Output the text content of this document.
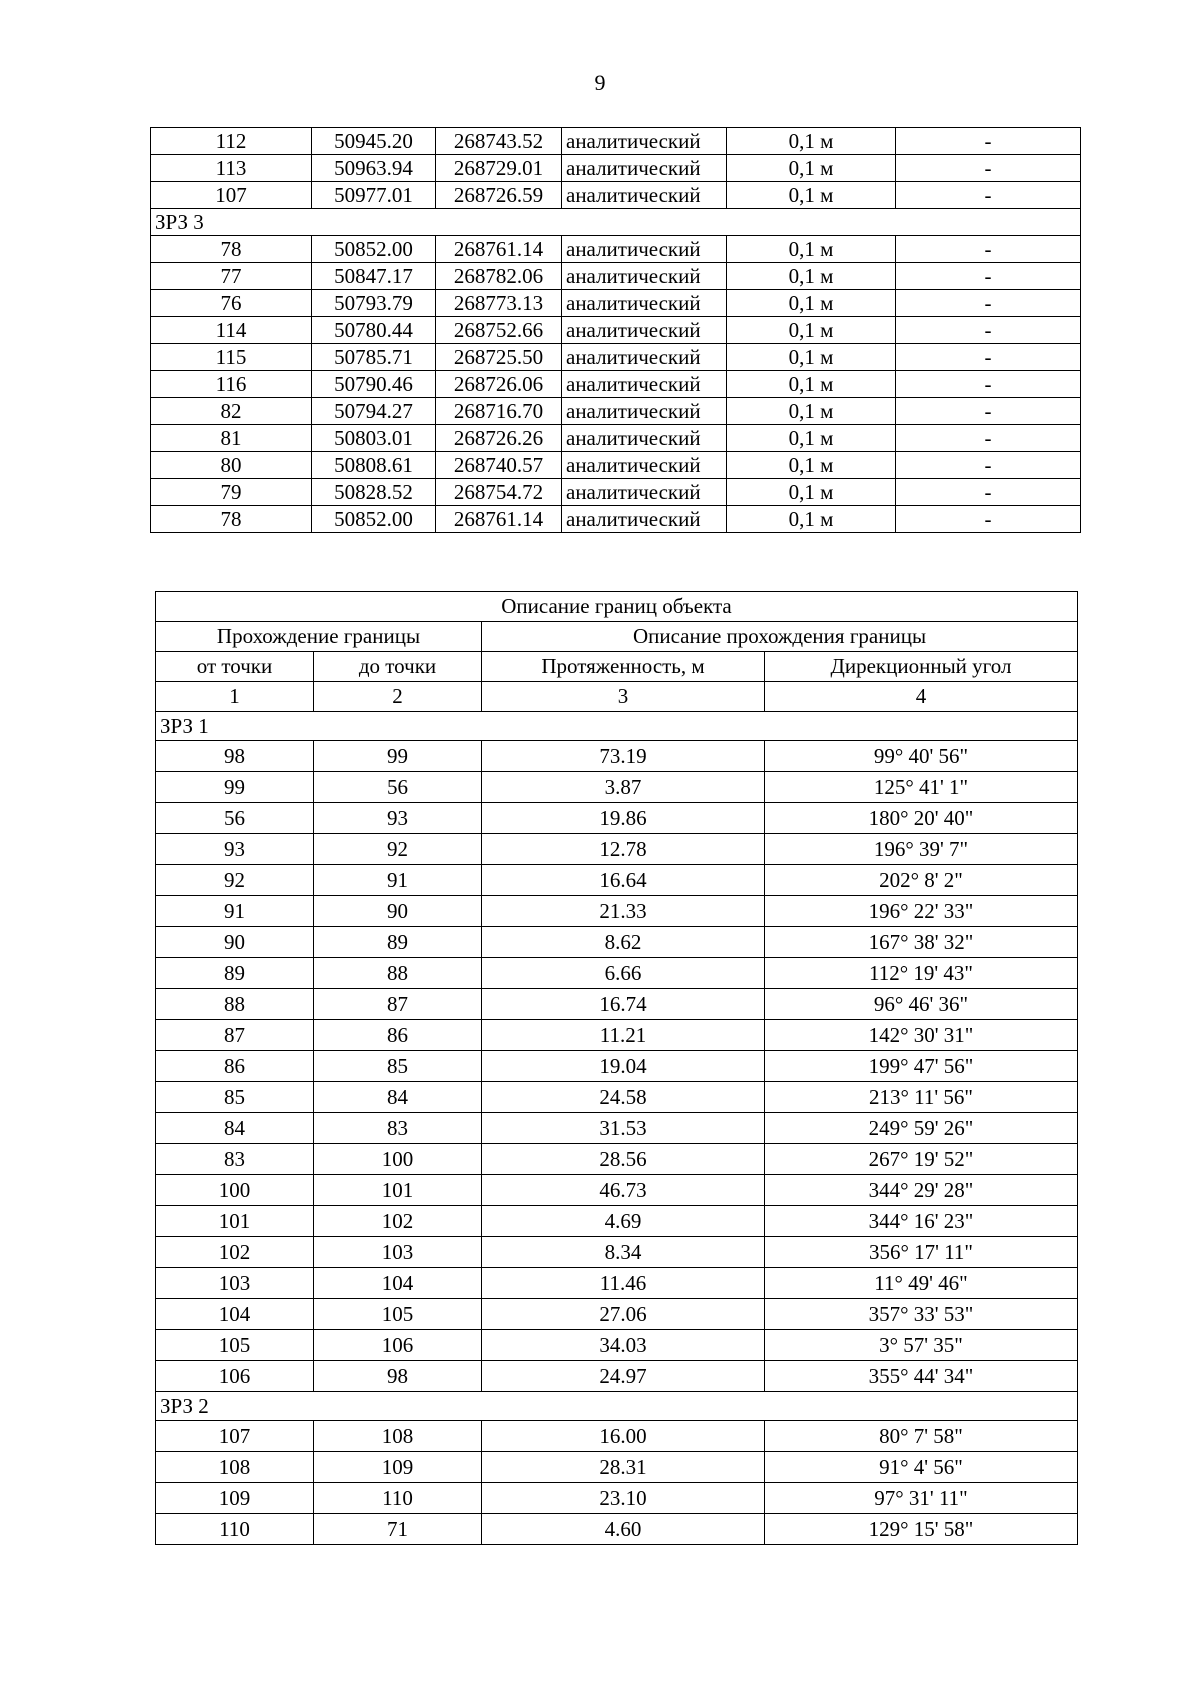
9
112	50945.20	268743.52	аналитический	0,1 м	-
113	50963.94	268729.01	аналитический	0,1 м	-
107	50977.01	268726.59	аналитический	0,1 м	-
ЗРЗ 3					
78	50852.00	268761.14	аналитический	0,1 м	-
77	50847.17	268782.06	аналитический	0,1 м	-
76	50793.79	268773.13	аналитический	0,1 м	-
114	50780.44	268752.66	аналитический	0,1 м	-
115	50785.71	268725.50	аналитический	0,1 м	-
116	50790.46	268726.06	аналитический	0,1 м	-
82	50794.27	268716.70	аналитический	0,1 м	-
81	50803.01	268726.26	аналитический	0,1 м	-
80	50808.61	268740.57	аналитический	0,1 м	-
79	50828.52	268754.72	аналитический	0,1 м	-
78	50852.00	268761.14	аналитический	0,1 м	-
Описание границ объекта			
Прохождение границы		Описание прохождения границы	
от точки	до точки	Протяженность, м	Дирекционный угол
1	2	3	4
ЗРЗ 1			
98	99	73.19	99° 40' 56"
99	56	3.87	125° 41' 1"
56	93	19.86	180° 20' 40"
93	92	12.78	196° 39' 7"
92	91	16.64	202° 8' 2"
91	90	21.33	196° 22' 33"
90	89	8.62	167° 38' 32"
89	88	6.66	112° 19' 43"
88	87	16.74	96° 46' 36"
87	86	11.21	142° 30' 31"
86	85	19.04	199° 47' 56"
85	84	24.58	213° 11' 56"
84	83	31.53	249° 59' 26"
83	100	28.56	267° 19' 52"
100	101	46.73	344° 29' 28"
101	102	4.69	344° 16' 23"
102	103	8.34	356° 17' 11"
103	104	11.46	11° 49' 46"
104	105	27.06	357° 33' 53"
105	106	34.03	3° 57' 35"
106	98	24.97	355° 44' 34"
ЗРЗ 2			
107	108	16.00	80° 7' 58"
108	109	28.31	91° 4' 56"
109	110	23.10	97° 31' 11"
110	71	4.60	129° 15' 58"
